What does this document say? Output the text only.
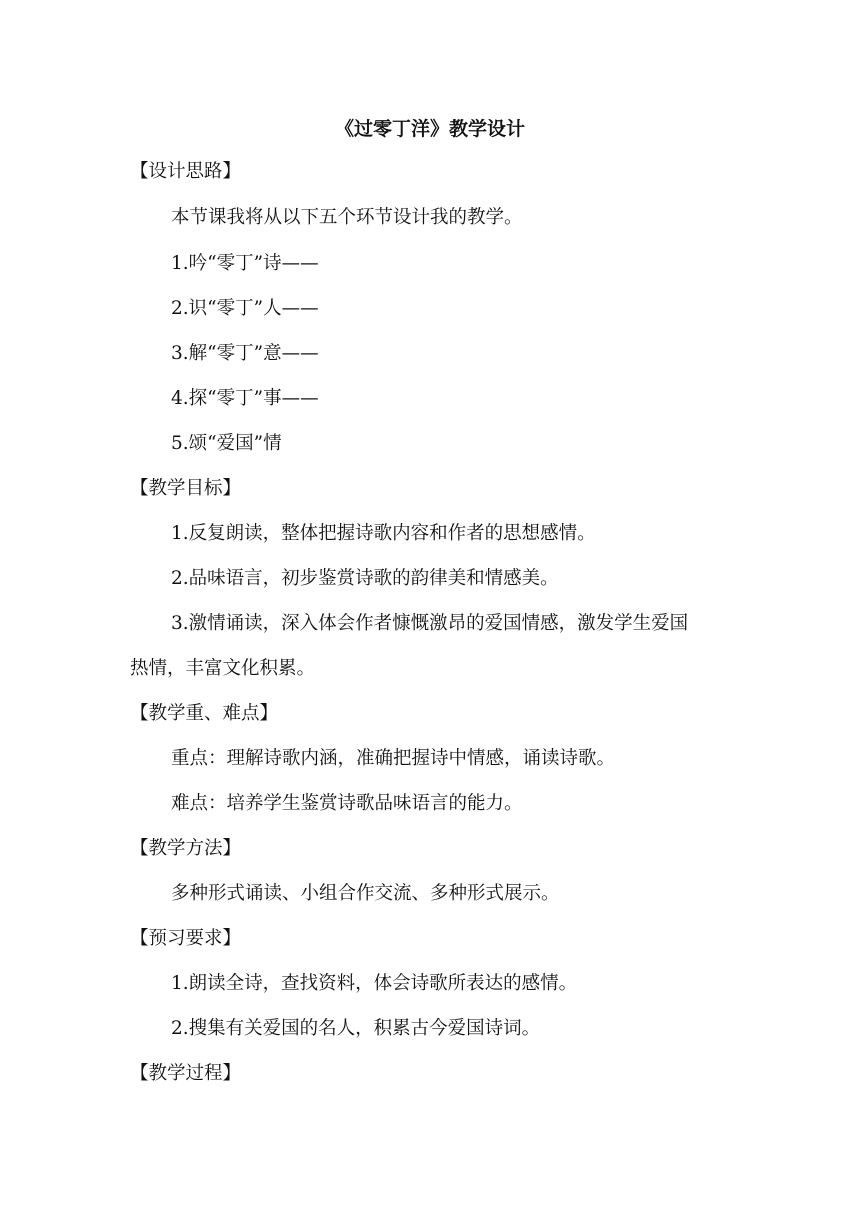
《过零丁洋》教学设计
【设计思路】
本节课我将从以下五个环节设计我的教学。
1.吟“零丁”诗——
2.识“零丁”人——
3.解“零丁”意——
4.探“零丁”事——
5.颂“爱国”情
【教学目标】
1.反复朗读，整体把握诗歌内容和作者的思想感情。
2.品味语言，初步鉴赏诗歌的韵律美和情感美。
3.激情诵读，深入体会作者慷慨激昂的爱国情感，激发学生爱国
热情，丰富文化积累。
【教学重、难点】
重点：理解诗歌内涵，准确把握诗中情感，诵读诗歌。
难点：培养学生鉴赏诗歌品味语言的能力。
【教学方法】
多种形式诵读、小组合作交流、多种形式展示。
【预习要求】
1.朗读全诗，查找资料，体会诗歌所表达的感情。
2.搜集有关爱国的名人，积累古今爱国诗词。
【教学过程】
